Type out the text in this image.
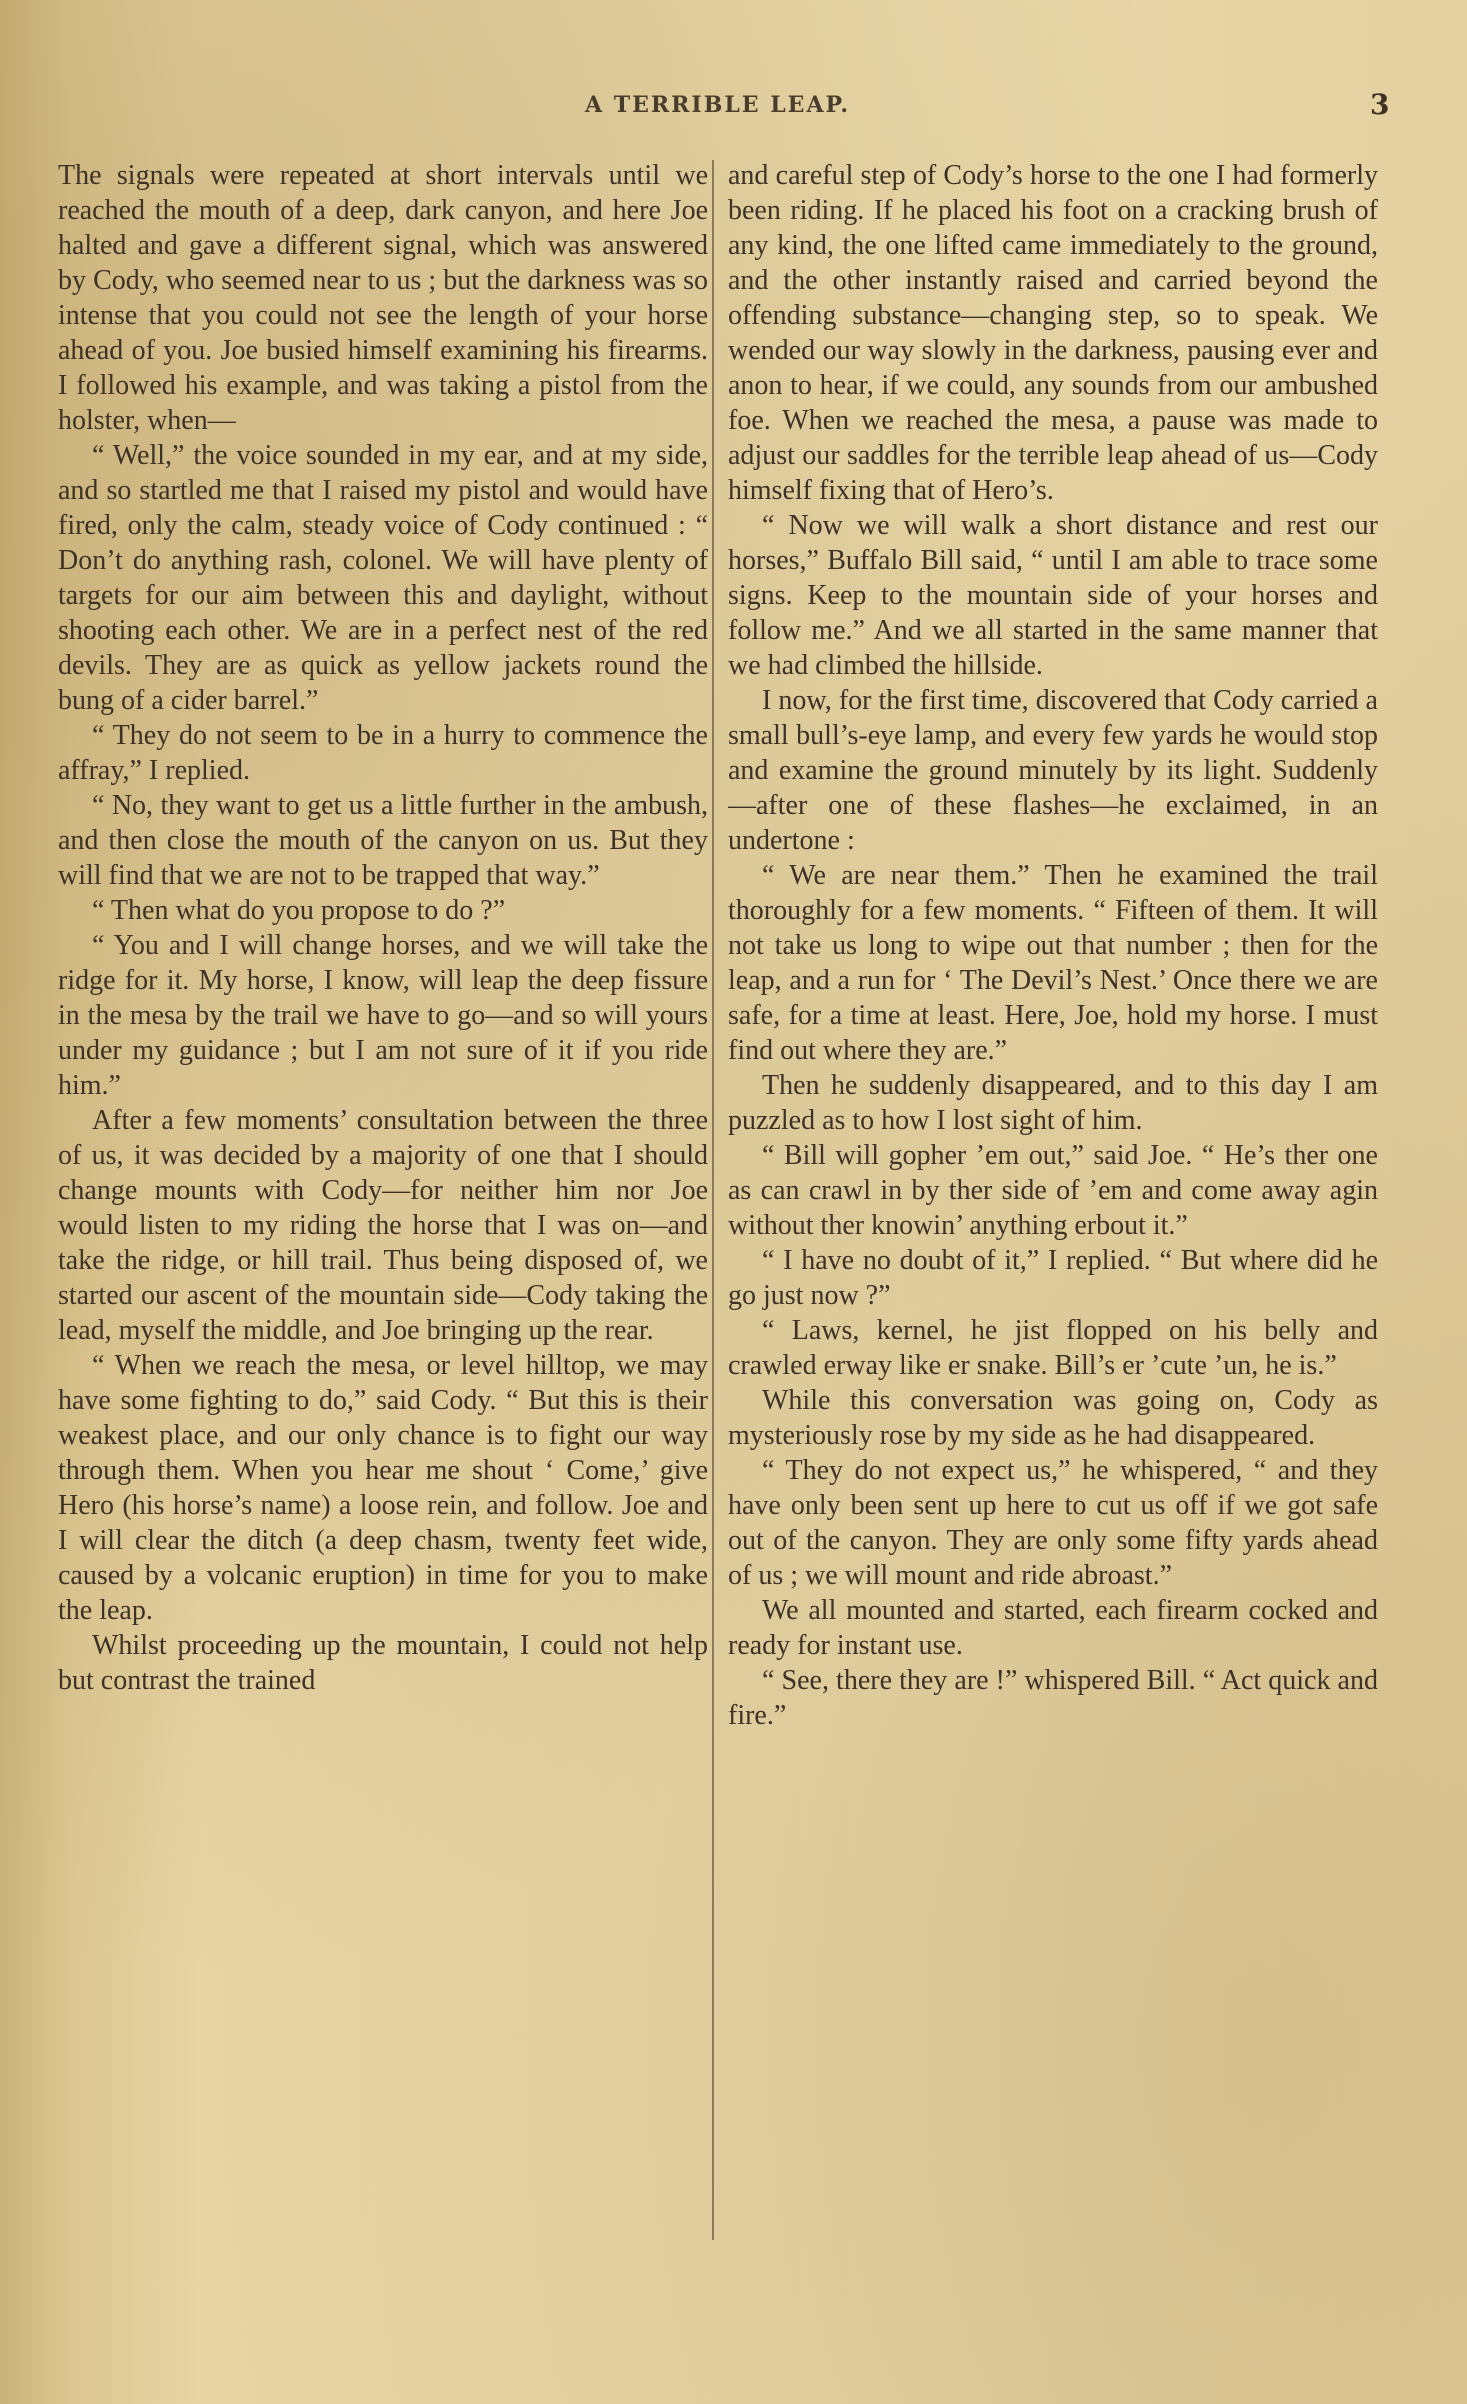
A TERRIBLE LEAP.	3

The signals were repeated at short intervals until we reached the mouth of a deep, dark canyon, and here Joe halted and gave a different signal, which was answered by Cody, who seemed near to us ; but the darkness was so intense that you could not see the length of your horse ahead of you. Joe busied himself examining his firearms. I followed his example, and was taking a pistol from the holster, when—

“ Well,” the voice sounded in my ear, and at my side, and so startled me that I raised my pistol and would have fired, only the calm, steady voice of Cody continued : “ Don’t do anything rash, colonel. We will have plenty of targets for our aim between this and daylight, without shooting each other. We are in a perfect nest of the red devils. They are as quick as yellow jackets round the bung of a cider barrel.”

“ They do not seem to be in a hurry to commence the affray,” I replied.

“ No, they want to get us a little further in the ambush, and then close the mouth of the canyon on us. But they will find that we are not to be trapped that way.”

“ Then what do you propose to do ?”

“ You and I will change horses, and we will take the ridge for it. My horse, I know, will leap the deep fissure in the mesa by the trail we have to go—and so will yours under my guidance ; but I am not sure of it if you ride him.”

After a few moments’ consultation between the three of us, it was decided by a majority of one that I should change mounts with Cody—for neither him nor Joe would listen to my riding the horse that I was on—and take the ridge, or hill trail. Thus being disposed of, we started our ascent of the mountain side—Cody taking the lead, myself the middle, and Joe bringing up the rear.

“ When we reach the mesa, or level hilltop, we may have some fighting to do,” said Cody. “ But this is their weakest place, and our only chance is to fight our way through them. When you hear me shout ‘ Come,’ give Hero (his horse’s name) a loose rein, and follow. Joe and I will clear the ditch (a deep chasm, twenty feet wide, caused by a volcanic eruption) in time for you to make the leap.

Whilst proceeding up the mountain, I could not help but contrast the trained

and careful step of Cody’s horse to the one I had formerly been riding. If he placed his foot on a cracking brush of any kind, the one lifted came immediately to the ground, and the other instantly raised and carried beyond the offending substance—changing step, so to speak. We wended our way slowly in the darkness, pausing ever and anon to hear, if we could, any sounds from our ambushed foe. When we reached the mesa, a pause was made to adjust our saddles for the terrible leap ahead of us—Cody himself fixing that of Hero’s.

“ Now we will walk a short distance and rest our horses,” Buffalo Bill said, “ until I am able to trace some signs. Keep to the mountain side of your horses and follow me.” And we all started in the same manner that we had climbed the hillside.

I now, for the first time, discovered that Cody carried a small bull’s-eye lamp, and every few yards he would stop and examine the ground minutely by its light. Suddenly—after one of these flashes—he exclaimed, in an undertone :

“ We are near them.” Then he examined the trail thoroughly for a few moments. “ Fifteen of them. It will not take us long to wipe out that number ; then for the leap, and a run for ‘ The Devil’s Nest.’ Once there we are safe, for a time at least. Here, Joe, hold my horse. I must find out where they are.”

Then he suddenly disappeared, and to this day I am puzzled as to how I lost sight of him.

“ Bill will gopher ’em out,” said Joe. “ He’s ther one as can crawl in by ther side of ’em and come away agin without ther knowin’ anything erbout it.”

“ I have no doubt of it,” I replied. “ But where did he go just now ?”

“ Laws, kernel, he jist flopped on his belly and crawled erway like er snake. Bill’s er ’cute ’un, he is.”

While this conversation was going on, Cody as mysteriously rose by my side as he had disappeared.

“ They do not expect us,” he whispered, “ and they have only been sent up here to cut us off if we got safe out of the canyon. They are only some fifty yards ahead of us ; we will mount and ride abroast.”

We all mounted and started, each firearm cocked and ready for instant use.

“ See, there they are !” whispered Bill. “ Act quick and fire.”
